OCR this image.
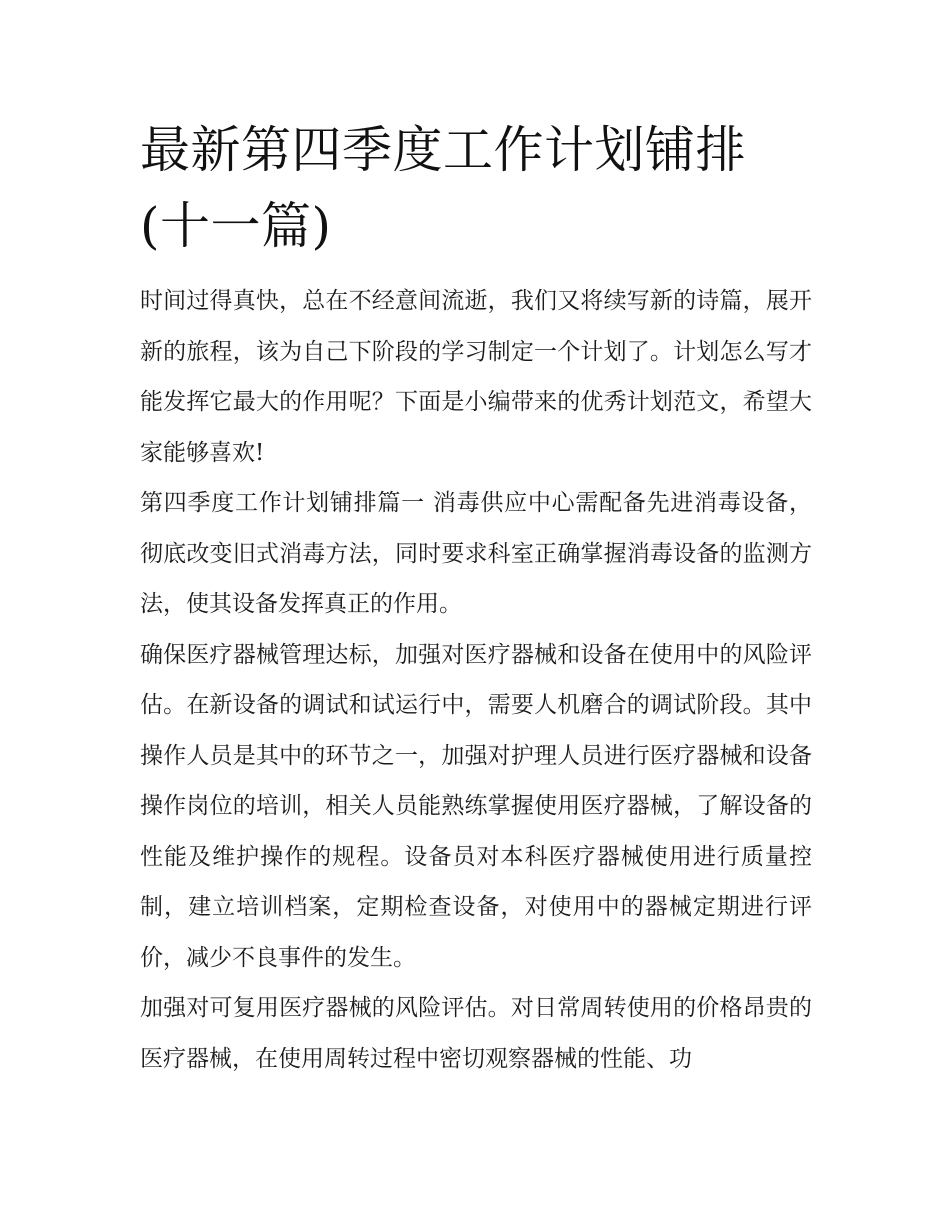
最新第四季度工作计划铺排(十一篇)

时间过得真快，总在不经意间流逝，我们又将续写新的诗篇，展开新的旅程，该为自己下阶段的学习制定一个计划了。计划怎么写才能发挥它最大的作用呢？下面是小编带来的优秀计划范文，希望大家能够喜欢!

第四季度工作计划铺排篇一 消毒供应中心需配备先进消毒设备，彻底改变旧式消毒方法，同时要求科室正确掌握消毒设备的监测方法，使其设备发挥真正的作用。

确保医疗器械管理达标，加强对医疗器械和设备在使用中的风险评估。在新设备的调试和试运行中，需要人机磨合的调试阶段。其中操作人员是其中的环节之一，加强对护理人员进行医疗器械和设备操作岗位的培训，相关人员能熟练掌握使用医疗器械，了解设备的性能及维护操作的规程。设备员对本科医疗器械使用进行质量控制，建立培训档案，定期检查设备，对使用中的器械定期进行评价，减少不良事件的发生。

加强对可复用医疗器械的风险评估。对日常周转使用的价格昂贵的医疗器械，在使用周转过程中密切观察器械的性能、功
